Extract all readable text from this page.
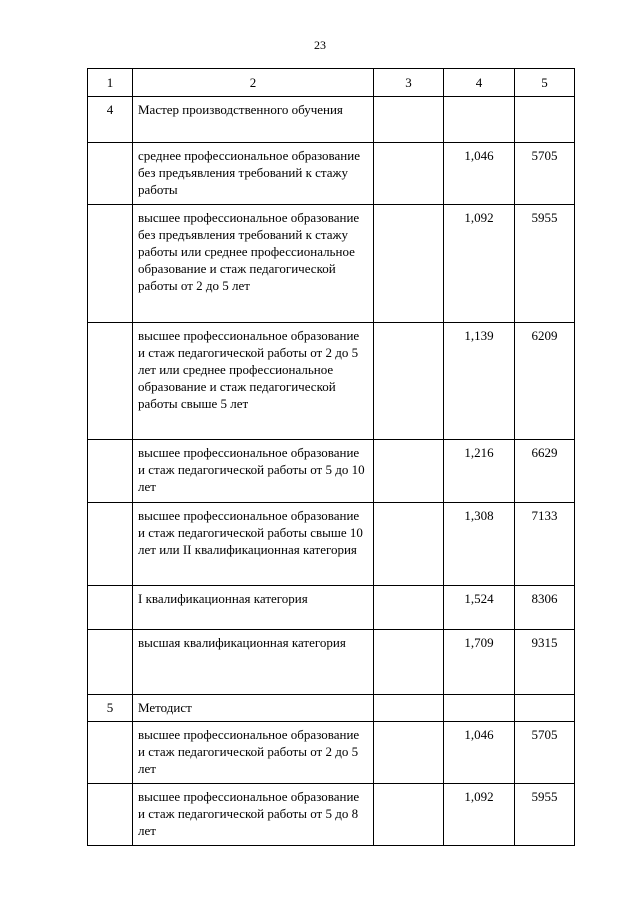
23
1	2	3	4	5
4	Мастер производственного обучения			
	среднее профессиональное образование без предъявления требований к стажу работы		1,046	5705
	высшее профессиональное образование без предъявления требований к стажу работы или среднее профессиональное образование и стаж педагогической работы от 2 до 5 лет		1,092	5955
	высшее профессиональное образование и стаж педагогической работы от 2 до 5 лет или среднее профессиональное образование и стаж педагогической работы свыше 5 лет		1,139	6209
	высшее профессиональное образование и стаж педагогической работы от 5 до 10 лет		1,216	6629
	высшее профессиональное образование и стаж педагогической работы свыше 10 лет или II квалификационная категория		1,308	7133
	I квалификационная категория		1,524	8306
	высшая квалификационная категория		1,709	9315
5	Методист			
	высшее профессиональное образование и стаж педагогической работы от 2 до 5 лет		1,046	5705
	высшее профессиональное образование и стаж педагогической работы от 5 до 8 лет		1,092	5955
